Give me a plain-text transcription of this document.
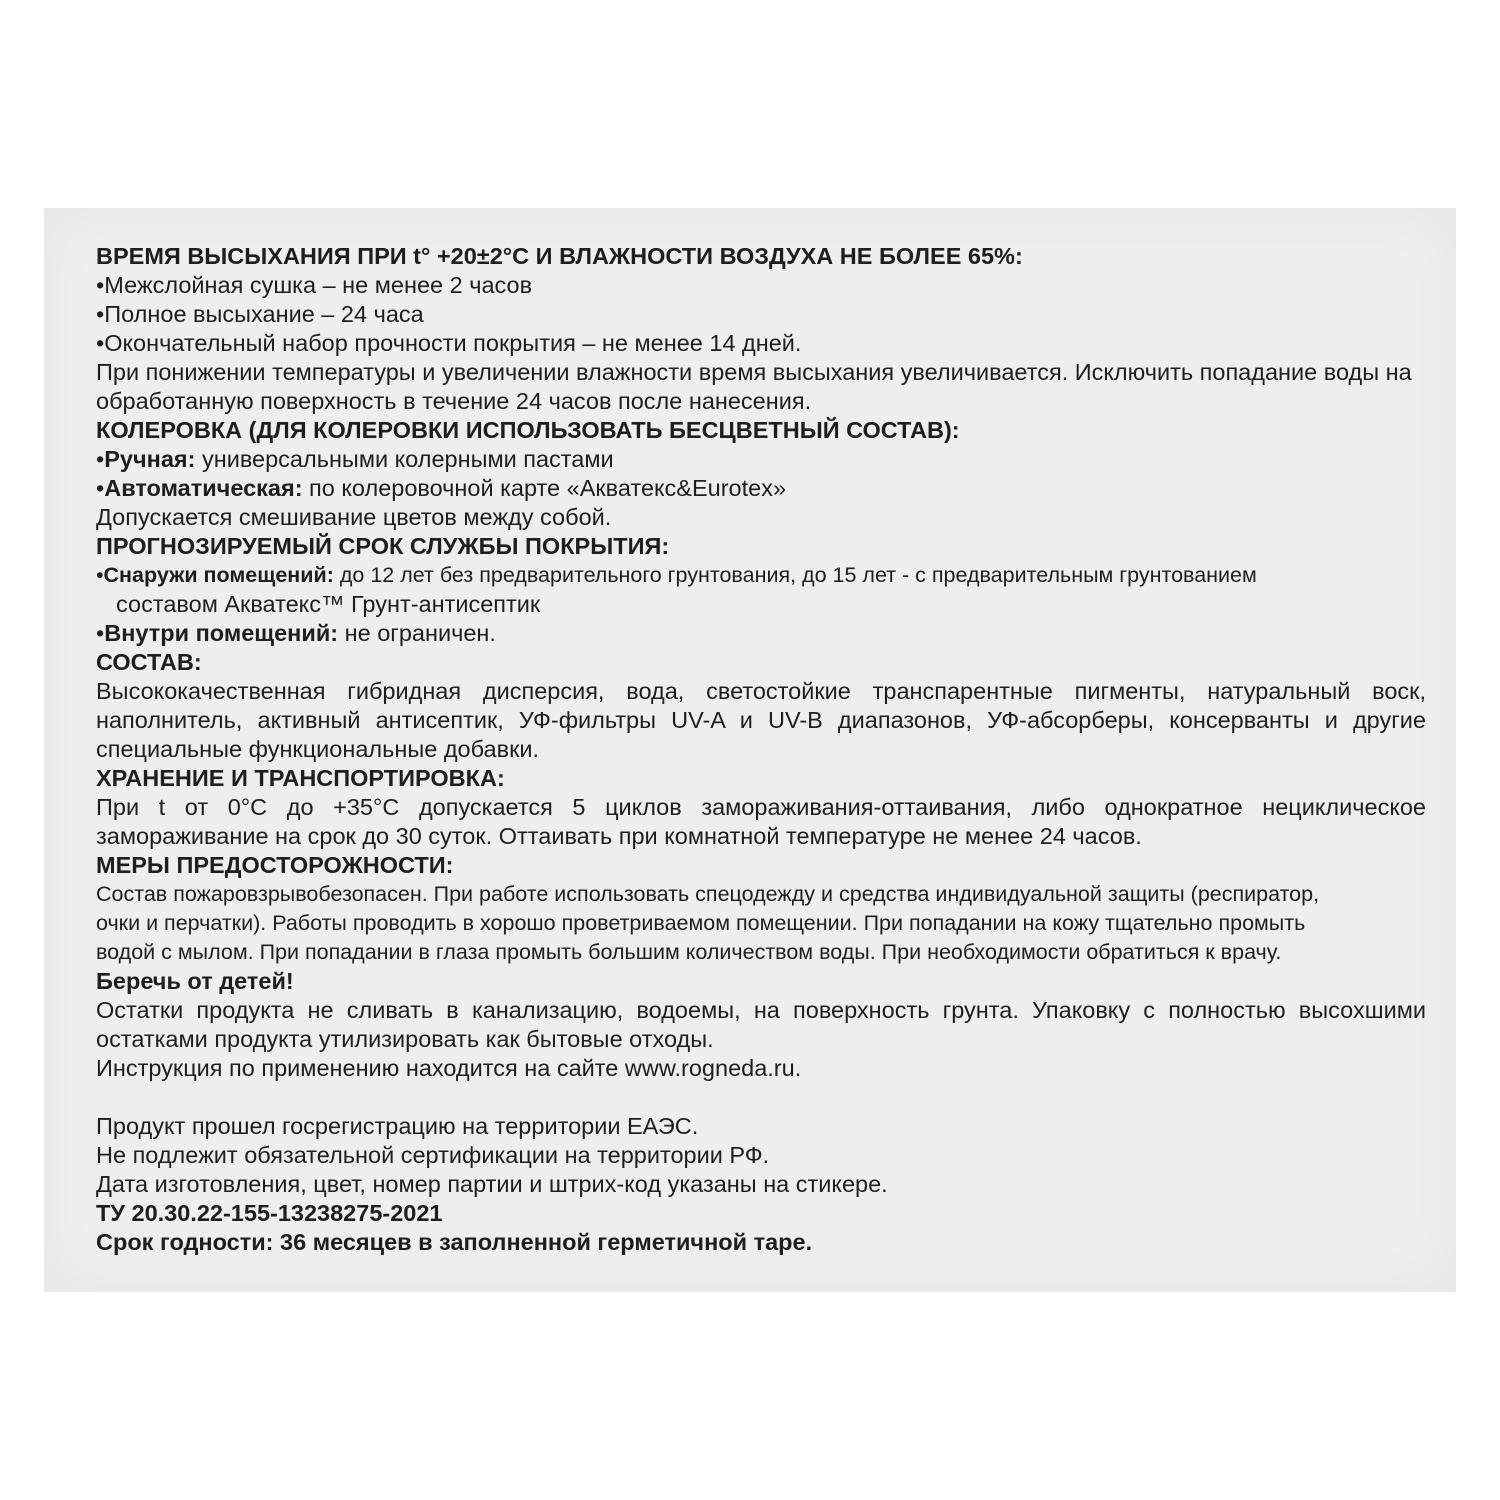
ВРЕМЯ ВЫСЫХАНИЯ ПРИ t° +20±2°С И ВЛАЖНОСТИ ВОЗДУХА НЕ БОЛЕЕ 65%:

• Межслойная сушка – не менее 2 часов

• Полное высыхание – 24 часа

• Окончательный набор прочности покрытия – не менее 14 дней.

При понижении температуры и увеличении влажности время высыхания увеличивается. Исключить попадание воды на

обработанную поверхность в течение 24 часов после нанесения.

КОЛЕРОВКА (ДЛЯ КОЛЕРОВКИ ИСПОЛЬЗОВАТЬ БЕСЦВЕТНЫЙ СОСТАВ):

• Ручная: универсальными колерными пастами

• Автоматическая: по колеровочной карте «Акватекс&Eurotex»

Допускается смешивание цветов между собой.

ПРОГНОЗИРУЕМЫЙ СРОК СЛУЖБЫ ПОКРЫТИЯ:

• Снаружи помещений: до 12 лет без предварительного грунтования, до 15 лет - с предварительным грунтованием

составом Акватекс™ Грунт-антисептик

• Внутри помещений: не ограничен.

СОСТАВ:

Высококачественная гибридная дисперсия, вода, светостойкие транспарентные пигменты, натуральный воск,

наполнитель, активный антисептик, УФ-фильтры UV-A и UV-B диапазонов, УФ-абсорберы, консерванты и другие

специальные функциональные добавки.

ХРАНЕНИЕ И ТРАНСПОРТИРОВКА:

При t от 0°С до +35°С допускается 5 циклов замораживания-оттаивания, либо однократное нециклическое

замораживание на срок до 30 суток. Оттаивать при комнатной температуре не менее 24 часов.

МЕРЫ ПРЕДОСТОРОЖНОСТИ:

Состав пожаровзрывобезопасен. При работе использовать спецодежду и средства индивидуальной защиты (респиратор,

очки и перчатки). Работы проводить в хорошо проветриваемом помещении. При попадании на кожу тщательно промыть

водой с мылом. При попадании в глаза промыть большим количеством воды. При необходимости обратиться к врачу.

Беречь от детей!

Остатки продукта не сливать в канализацию, водоемы, на поверхность грунта. Упаковку с полностью высохшими

остатками продукта утилизировать как бытовые отходы.

Инструкция по применению находится на сайте www.rogneda.ru.

Продукт прошел госрегистрацию на территории ЕАЭС.

Не подлежит обязательной сертификации на территории РФ.

Дата изготовления, цвет, номер партии и штрих-код указаны на стикере.

ТУ 20.30.22-155-13238275-2021

Срок годности: 36 месяцев в заполненной герметичной таре.
